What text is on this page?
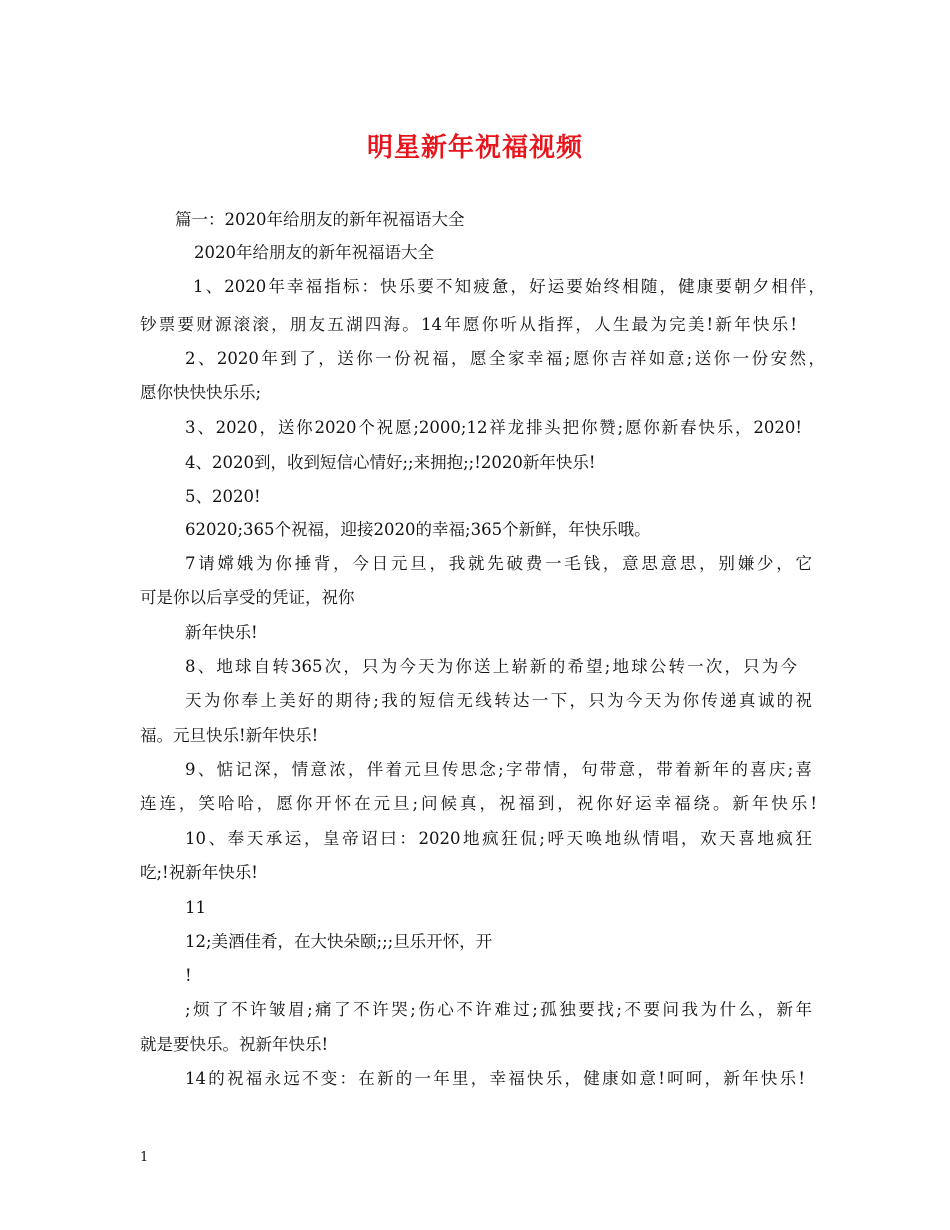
明星新年祝福视频
篇一：2020年给朋友的新年祝福语大全
2020年给朋友的新年祝福语大全
1、2020年幸福指标：快乐要不知疲惫，好运要始终相随，健康要朝夕相伴，
钞票要财源滚滚，朋友五湖四海。14年愿你听从指挥，人生最为完美!新年快乐!
2、2020年到了，送你一份祝福，愿全家幸福;愿你吉祥如意;送你一份安然，
愿你快快快乐乐;
3、2020，送你2020个祝愿;2000;12祥龙排头把你赞;愿你新春快乐，2020!
4、2020到，收到短信心情好;;来拥抱;;!2020新年快乐!
5、2020!
62020;365个祝福，迎接2020的幸福;365个新鲜，年快乐哦。
7请嫦娥为你捶背，今日元旦，我就先破费一毛钱，意思意思，别嫌少，它
可是你以后享受的凭证，祝你
新年快乐!
8、地球自转365次，只为今天为你送上崭新的希望;地球公转一次，只为今
天为你奉上美好的期待;我的短信无线转达一下，只为今天为你传递真诚的祝
福。元旦快乐!新年快乐!
9、惦记深，情意浓，伴着元旦传思念;字带情，句带意，带着新年的喜庆;喜
连连，笑哈哈，愿你开怀在元旦;问候真，祝福到，祝你好运幸福绕。新年快乐!
10、奉天承运，皇帝诏曰：2020地疯狂侃;呼天唤地纵情唱，欢天喜地疯狂
吃;!祝新年快乐!
11
12;美酒佳肴，在大快朵颐;;;旦乐开怀，开
!
;烦了不许皱眉;痛了不许哭;伤心不许难过;孤独要找;不要问我为什么，新年
就是要快乐。祝新年快乐!
14的祝福永远不变：在新的一年里，幸福快乐，健康如意!呵呵，新年快乐!
1
